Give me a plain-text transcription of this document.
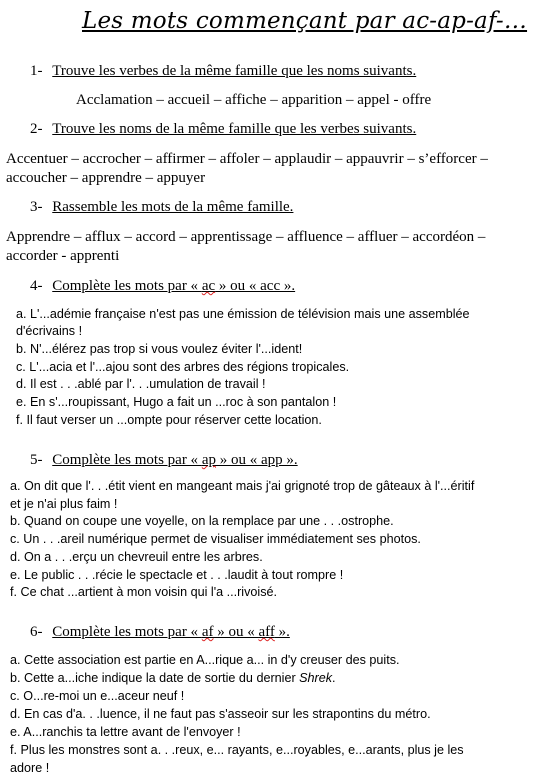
Les mots commençant par ac-ap-af-…
1- Trouve les verbes de la même famille que les noms suivants.
Acclamation – accueil – affiche – apparition – appel - offre
2- Trouve les noms de la même famille que les verbes suivants.
Accentuer – accrocher – affirmer – affoler – applaudir – appauvrir – s’efforcer –
accoucher – apprendre – appuyer
3- Rassemble les mots de la même famille.
Apprendre – afflux – accord – apprentissage – affluence – affluer – accordéon –
accorder - apprenti
4- Complète les mots par « ac » ou « acc ».
a. L'...adémie française n'est pas une émission de télévision mais une assemblée
d'écrivains !
b. N'...élérez pas trop si vous voulez éviter l'...ident!
c. L'...acia et l'...ajou sont des arbres des régions tropicales.
d. Il est . . .ablé par l'. . .umulation de travail !
e. En s'...roupissant, Hugo a fait un ...roc à son pantalon !
f. Il faut verser un ...ompte pour réserver cette location.
5- Complète les mots par « ap » ou « app ».
a. On dit que l'. . .étit vient en mangeant mais j'ai grignoté trop de gâteaux à l'...éritif
et je n'ai plus faim !
b. Quand on coupe une voyelle, on la remplace par une . . .ostrophe.
c. Un . . .areil numérique permet de visualiser immédiatement ses photos.
d. On a . . .erçu un chevreuil entre les arbres.
e. Le public . . .récie le spectacle et . . .laudit à tout rompre !
f. Ce chat ...artient à mon voisin qui l'a ...rivoisé.
6- Complète les mots par « af » ou « aff ».
a. Cette association est partie en A...rique a... in d'y creuser des puits.
b. Cette a...iche indique la date de sortie du dernier Shrek.
c. O...re-moi un e...aceur neuf !
d. En cas d'a. . .luence, il ne faut pas s'asseoir sur les strapontins du métro.
e. A...ranchis ta lettre avant de l'envoyer !
f. Plus les monstres sont a. . .reux, e... rayants, e...royables, e...arants, plus je les
adore !
